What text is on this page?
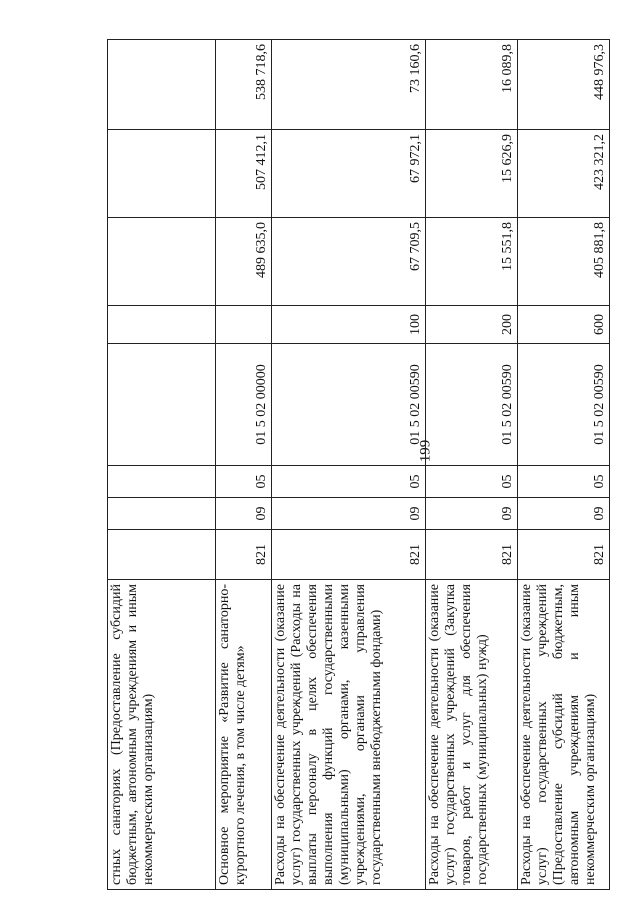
199
стных санаториях (Предоставление субсидий бюджетным, автономным учреждениям и иным некоммерческим организациям)								
Основное мероприятие «Развитие санаторно-курортного лечения, в том числе детям»	821	09	05	01 5 02 00000		489 635,0	507 412,1	538 718,6
Расходы на обеспечение деятельности (оказание услуг) государственных учреждений (Расходы на выплаты персоналу в целях обеспечения выполнения функций государственными (муниципальными) органами, казенными учреждениями, органами управления государственными внебюджетными фондами)	821	09	05	01 5 02 00590	100	67 709,5	67 972,1	73 160,6
Расходы на обеспечение деятельности (оказание услуг) государственных учреждений (Закупка товаров, работ и услуг для обеспечения государственных (муниципальных) нужд)	821	09	05	01 5 02 00590	200	15 551,8	15 626,9	16 089,8
Расходы на обеспечение деятельности (оказание услуг) государственных учреждений (Предоставление субсидий бюджетным, автономным учреждениям и иным некоммерческим организациям)	821	09	05	01 5 02 00590	600	405 881,8	423 321,2	448 976,3
